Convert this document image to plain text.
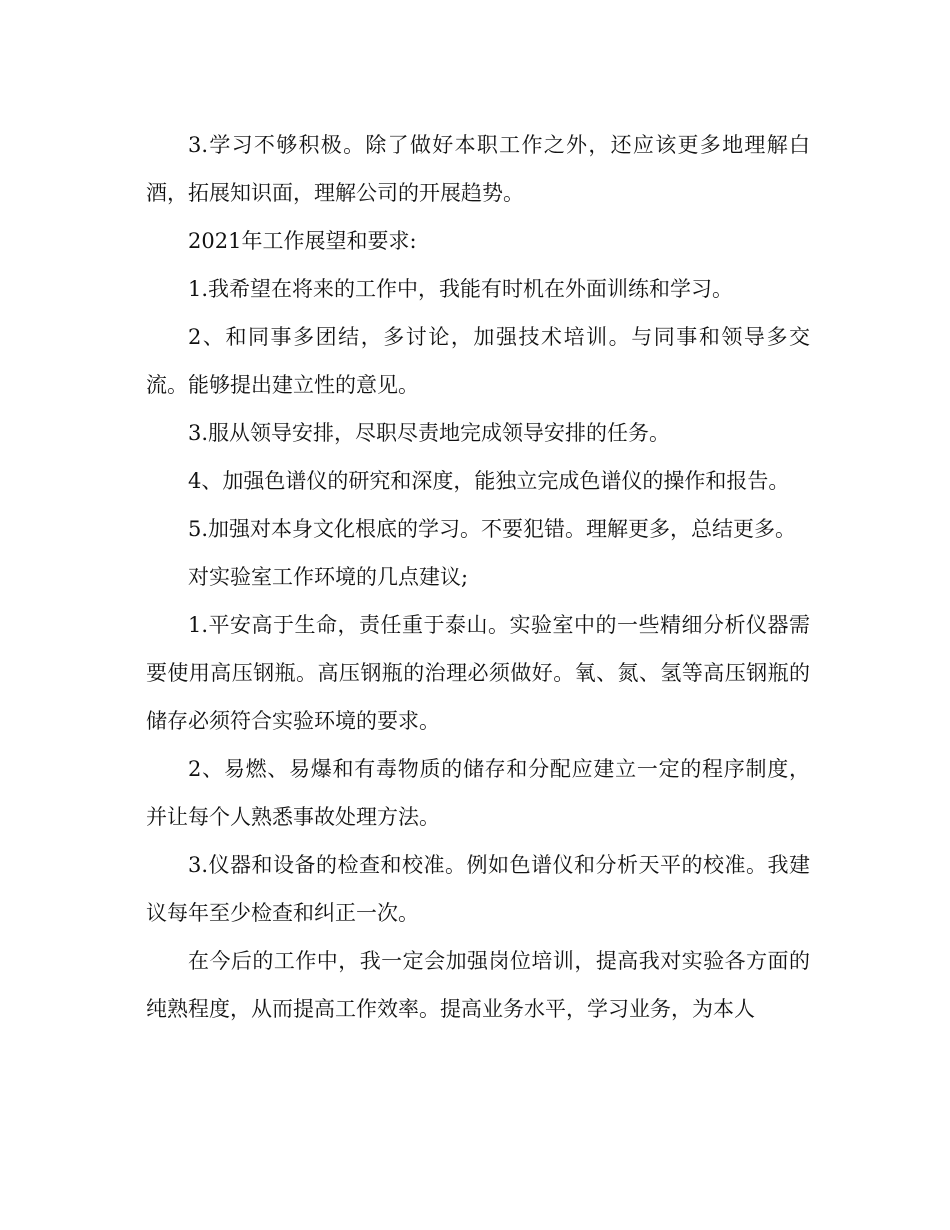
3.学习不够积极。除了做好本职工作之外，还应该更多地理解白酒，拓展知识面，理解公司的开展趋势。

2021年工作展望和要求:

1.我希望在将来的工作中，我能有时机在外面训练和学习。

2、和同事多团结，多讨论，加强技术培训。与同事和领导多交流。能够提出建立性的意见。

3.服从领导安排，尽职尽责地完成领导安排的任务。

4、加强色谱仪的研究和深度，能独立完成色谱仪的操作和报告。

5.加强对本身文化根底的学习。不要犯错。理解更多，总结更多。

对实验室工作环境的几点建议;

1.平安高于生命，责任重于泰山。实验室中的一些精细分析仪器需要使用高压钢瓶。高压钢瓶的治理必须做好。氧、氮、氢等高压钢瓶的储存必须符合实验环境的要求。

2、易燃、易爆和有毒物质的储存和分配应建立一定的程序制度，并让每个人熟悉事故处理方法。

3.仪器和设备的检查和校准。例如色谱仪和分析天平的校准。我建议每年至少检查和纠正一次。

在今后的工作中，我一定会加强岗位培训，提高我对实验各方面的纯熟程度，从而提高工作效率。提高业务水平，学习业务，为本人
